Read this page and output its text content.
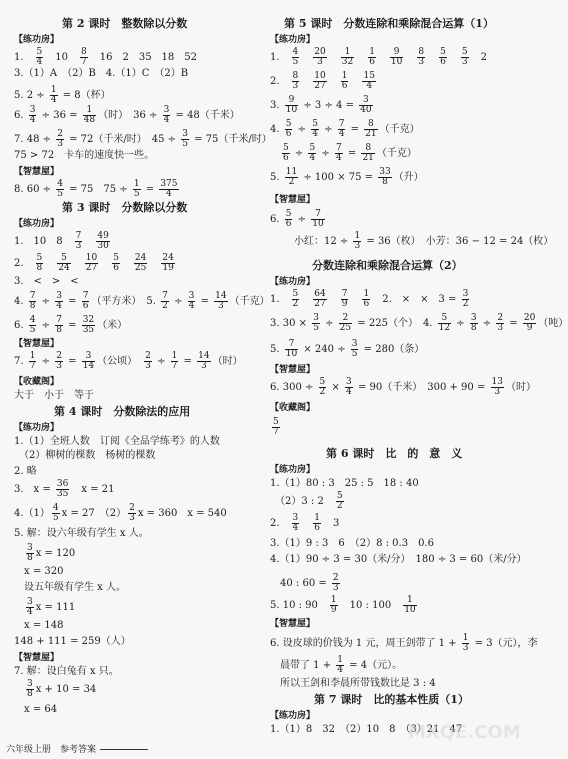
第 2 课时　整数除以分数
【练功房】
1.　 $\frac{5}{4}$ 　10　 $\frac{8}{7}$ 　16　2　35　18　52
3.（1）A　（2）B　4.（1）C　（2）B
5. $2 \div \frac{1}{4} = 8$（杯）
6. $\frac{3}{4} \div 36 = \frac{1}{48}$ （时）　$36 \div \frac{3}{4} = 48$（千米）
7. $48 \div \frac{2}{3} = 72$（千米/时）　$45 \div \frac{3}{5} = 75$（千米/时）
75 > 72　卡车的速度快一些。
【智慧屋】
8. $60 \div \frac{4}{5} = 75$　$75 \div \frac{1}{5} = \frac{375}{4}$
第 3 课时　分数除以分数
【练功房】
1.　10　8　 $\frac{7}{3}$
　 $\frac{49}{30}$
2.　 $\frac{5}{8}$
　 $\frac{5}{24}$
　 $\frac{10}{27}$
　 $\frac{5}{6}$
　 $\frac{24}{25}$
　 $\frac{24}{19}$
3.　<　>　<
4. $\frac{7}{8} \div \frac{3}{4} = \frac{7}{6}$ （平方米）　5. $\frac{7}{2} \div \frac{3}{4} = \frac{14}{3}$ （千克）
6. $\frac{4}{5} \div \frac{7}{8} = \frac{32}{35}$ （米）
【智慧屋】
7. $\frac{1}{7} \div \frac{2}{3} = \frac{3}{14}$ （公顷）　 $\frac{2}{3} \div \frac{1}{7} = \frac{14}{3}$ （时）
【收藏阁】
大于　小于　等于
第 4 课时　分数除法的应用
【练功房】
1.（1）全班人数　订阅《全品学练考》的人数
　（2）柳树的棵数　杨树的棵数
2. 略
3.　$x = \frac{36}{35}$ 　x = 21
$4.(1) \frac{4}{5}$ x = 27　$(2) \frac{2}{3}$ x = 360　x = 540
5. 解：设六年级有学生 x 人。

$\frac{3}{8}$ x = 120
　x = 320
　设五年级有学生 x 人。

$\frac{3}{4}$ x = 111
　x = 148
148 + 111 = 259（人）
【智慧屋】
7. 解：设白兔有 x 只。

$\frac{3}{8}$ x + 10 = 34
　x = 64
第 5 课时　分数连除和乘除混合运算（1）
【练功房】
1.　 $\frac{4}{5}$
　 $\frac{20}{3}$
　 $\frac{1}{32}$
　 $\frac{1}{6}$
　 $\frac{9}{10}$
　 $\frac{8}{3}$
　 $\frac{5}{6}$
　 $\frac{5}{3}$ 　2
2.　 $\frac{8}{3}$
　 $\frac{10}{27}$
　 $\frac{1}{6}$
　 $\frac{15}{4}$
3. $\frac{9}{10} \div 3 \div 4 = \frac{3}{40}$
4. $\frac{5}{6} \div \frac{5}{4} \div \frac{7}{4} = \frac{8}{21}$ （千克）

$\frac{5}{6} \div \frac{5}{4} \div \frac{7}{4} = \frac{8}{21}$ （千克）
5. $\frac{11}{2} \div 100 \times 75 = \frac{33}{8}$ （升）
【智慧屋】
6. $\frac{5}{6} \div \frac{7}{10}$
小红：$12 \div \frac{1}{3} = 36$（枚）　小芳：36 − 12 = 24（枚）
分数连除和乘除混合运算（2）
【练功房】
1.　 $\frac{5}{2}$
　 $\frac{64}{27}$
　 $\frac{7}{9}$
　 $\frac{1}{6}$ 　2.　×　×　$3 = \frac{3}{2}$
3. $30 \times \frac{3}{5} \div \frac{2}{25} = 225$（个）　4. $\frac{5}{12} \div \frac{3}{8} \div \frac{2}{3} = \frac{20}{9}$ （吨）
5. $\frac{7}{10} \times 240 \div \frac{3}{5} = 280$（条）
【智慧屋】
6. $300 \div \frac{5}{2} \times \frac{3}{4} = 90$（千米）　$300 + 90 = \frac{13}{3}$ （时）
【收藏阁】
$\frac{5}{7}$
第 6 课时　比　的　意　义
【练功房】
1.（1）80 : 3　25 : 5　18 : 40
　（2）3 : 2　 $\frac{5}{2}$
2.　 $\frac{3}{4}$
　 $\frac{1}{6}$ 　3
3.（1）9 : 3　6　（2）8 : 0.3　0.6
4.（1）90 ÷ 3 = 30（米/分）　180 ÷ 3 = 60（米/分）
　40 : $60 = \frac{2}{3}$
5. 10 : 90　 $\frac{1}{9}$ 　10 : 100　 $\frac{1}{10}$
【智慧屋】
6. 设皮球的价钱为 1 元，周王剑带了 $1 + \frac{1}{3} = 3$（元），李
　晨带了 $1 + \frac{1}{4} = 4$（元）。
　所以王剑和李晨所带钱数比是 3 : 4
第 7 课时　比的基本性质（1）
【练功房】
1.（1）8　32　（2）10　8　（3）21　47
MXQE.COM
六年级上册　参考答案
